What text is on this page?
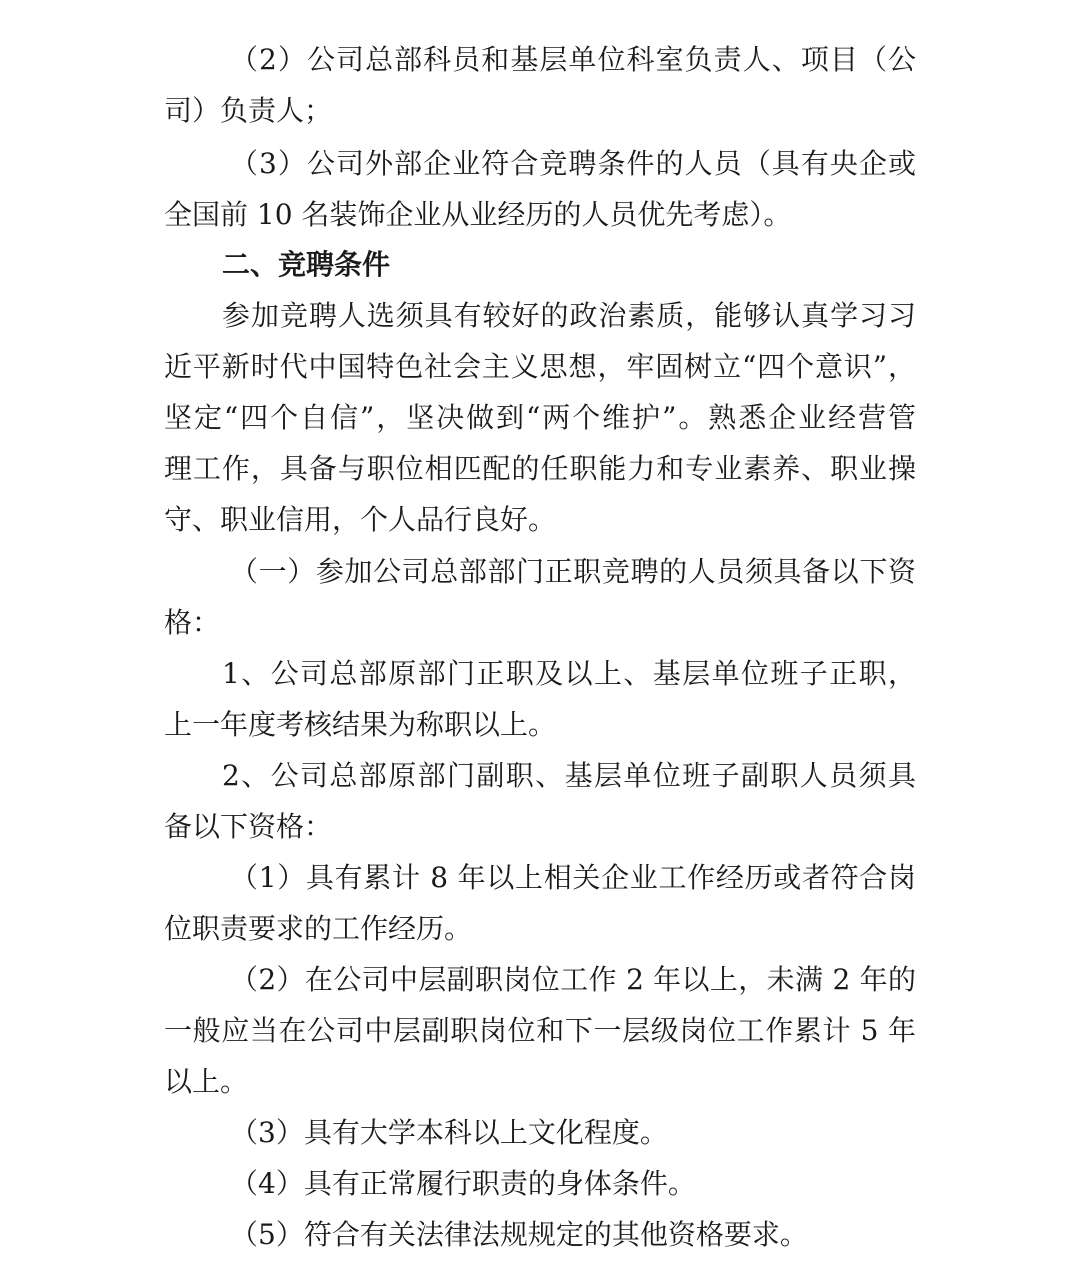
（2）公司总部科员和基层单位科室负责人、项目（公
司）负责人；
（3）公司外部企业符合竞聘条件的人员（具有央企或
全国前 10 名装饰企业从业经历的人员优先考虑）。
二、竞聘条件
参加竞聘人选须具有较好的政治素质，能够认真学习习
近平新时代中国特色社会主义思想，牢固树立“四个意识”，
坚定“四个自信”，坚决做到“两个维护”。熟悉企业经营管
理工作，具备与职位相匹配的任职能力和专业素养、职业操
守、职业信用，个人品行良好。
（一）参加公司总部部门正职竞聘的人员须具备以下资
格：
1、公司总部原部门正职及以上、基层单位班子正职，
上一年度考核结果为称职以上。
2、公司总部原部门副职、基层单位班子副职人员须具
备以下资格：
（1）具有累计 8 年以上相关企业工作经历或者符合岗
位职责要求的工作经历。
（2）在公司中层副职岗位工作 2 年以上，未满 2 年的
一般应当在公司中层副职岗位和下一层级岗位工作累计 5 年
以上。
（3）具有大学本科以上文化程度。
（4）具有正常履行职责的身体条件。
（5）符合有关法律法规规定的其他资格要求。
